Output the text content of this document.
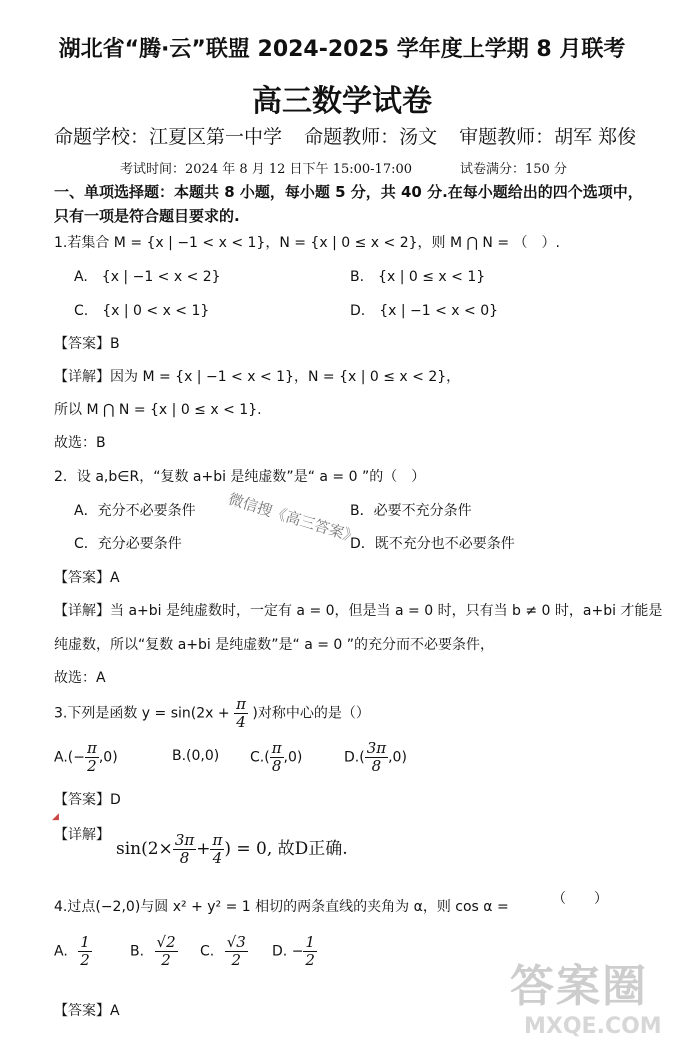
湖北省“腾·云”联盟 2024-2025 学年度上学期 8 月联考
高三数学试卷
命题学校：江夏区第一中学 命题教师：汤文 审题教师：胡军 郑俊
考试时间：2024 年 8 月 12 日下午 15:00-17:00	试卷满分：150 分
一、单项选择题：本题共 8 小题，每小题 5 分，共 40 分.在每小题给出的四个选项中，只有一项是符合题目要求的.
1.若集合 M = {x | −1 < x < 1}，N = {x | 0 ≤ x < 2}，则 M ⋂ N = （　）.
A.　{x | −1 < x < 2}	B.　{x | 0 ≤ x < 1}
C.　{x | 0 < x < 1}	D.　{x | −1 < x < 0}
【答案】B
【详解】因为 M = {x | −1 < x < 1}，N = {x | 0 ≤ x < 2}，
所以 M ⋂ N = {x | 0 ≤ x < 1}.
故选：B
2．设 a,b∈R，“复数 a+bi 是纯虚数”是“ a = 0 ”的（　）
A．充分不必要条件	B．必要不充分条件
C．充分必要条件	D．既不充分也不必要条件
【答案】A
【详解】当 a+bi 是纯虚数时，一定有 a = 0，但是当 a = 0 时，只有当 b ≠ 0 时，a+bi 才能是
纯虚数，所以“复数 a+bi 是纯虚数”是“ a = 0 ”的充分而不必要条件，
故选：A
3.下列是函数 $y = \sin(2x + \frac{\pi}{4}$ )对称中心的是（）
$A.(- \frac{\pi}{2} ,0)$	B.(0,0) $C.( \frac{\pi}{8} ,0)$	$D.( \frac{3\pi}{8} ,0)$
【答案】D
◢
【详解】
$\sin(2\times \frac{3\pi}{8} + \frac{\pi}{4}$ ) = 0, 故D正确.
4.过点(−2,0)与圆 x² + y² = 1 相切的两条直线的夹角为 α，则 cos α =	（　　）
A. $\frac{1}{2}$	B. $\frac{√2}{2} C$. $\frac{√3}{2} D$. − $\frac{1}{2}$
【答案】A
微信搜《高三答案》
答案圈
MXQE.COM
